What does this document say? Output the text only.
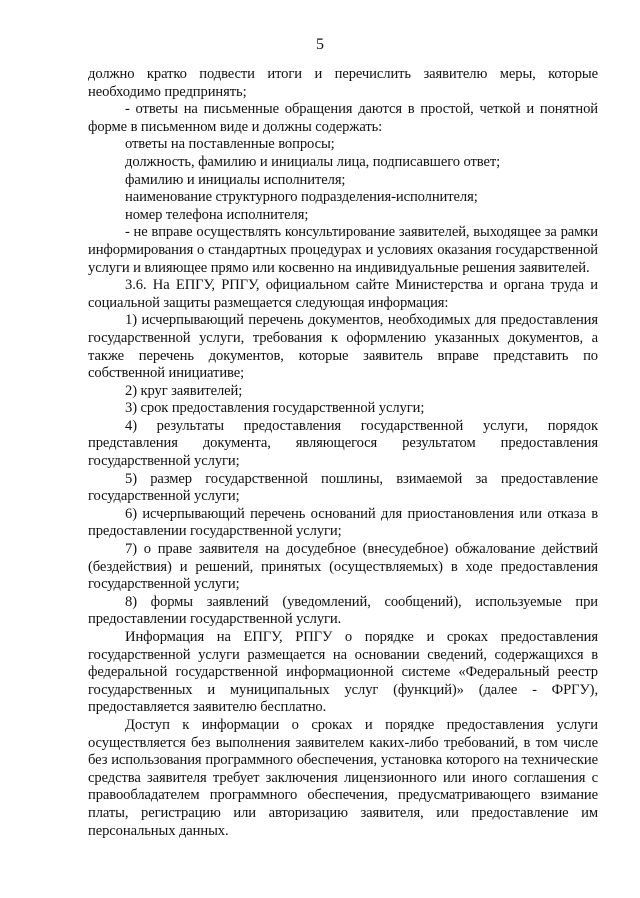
5

должно кратко подвести итоги и перечислить заявителю меры, которые необходимо предпринять;

- ответы на письменные обращения даются в простой, четкой и понятной форме в письменном виде и должны содержать:

ответы на поставленные вопросы;

должность, фамилию и инициалы лица, подписавшего ответ;

фамилию и инициалы исполнителя;

наименование структурного подразделения-исполнителя;

номер телефона исполнителя;

- не вправе осуществлять консультирование заявителей, выходящее за рамки информирования о стандартных процедурах и условиях оказания государственной услуги и влияющее прямо или косвенно на индивидуальные решения заявителей.

3.6. На ЕПГУ, РПГУ, официальном сайте Министерства и органа труда и социальной защиты размещается следующая информация:

1) исчерпывающий перечень документов, необходимых для предоставления государственной услуги, требования к оформлению указанных документов, а также перечень документов, которые заявитель вправе представить по собственной инициативе;

2) круг заявителей;

3) срок предоставления государственной услуги;

4) результаты предоставления государственной услуги, порядок представления документа, являющегося результатом предоставления государственной услуги;

5) размер государственной пошлины, взимаемой за предоставление государственной услуги;

6) исчерпывающий перечень оснований для приостановления или отказа в предоставлении государственной услуги;

7) о праве заявителя на досудебное (внесудебное) обжалование действий (бездействия) и решений, принятых (осуществляемых) в ходе предоставления государственной услуги;

8) формы заявлений (уведомлений, сообщений), используемые при предоставлении государственной услуги.

Информация на ЕПГУ, РПГУ о порядке и сроках предоставления государственной услуги размещается на основании сведений, содержащихся в федеральной государственной информационной системе «Федеральный реестр государственных и муниципальных услуг (функций)» (далее - ФРГУ), предоставляется заявителю бесплатно.

Доступ к информации о сроках и порядке предоставления услуги осуществляется без выполнения заявителем каких-либо требований, в том числе без использования программного обеспечения, установка которого на технические средства заявителя требует заключения лицензионного или иного соглашения с правообладателем программного обеспечения, предусматривающего взимание платы, регистрацию или авторизацию заявителя, или предоставление им персональных данных.
